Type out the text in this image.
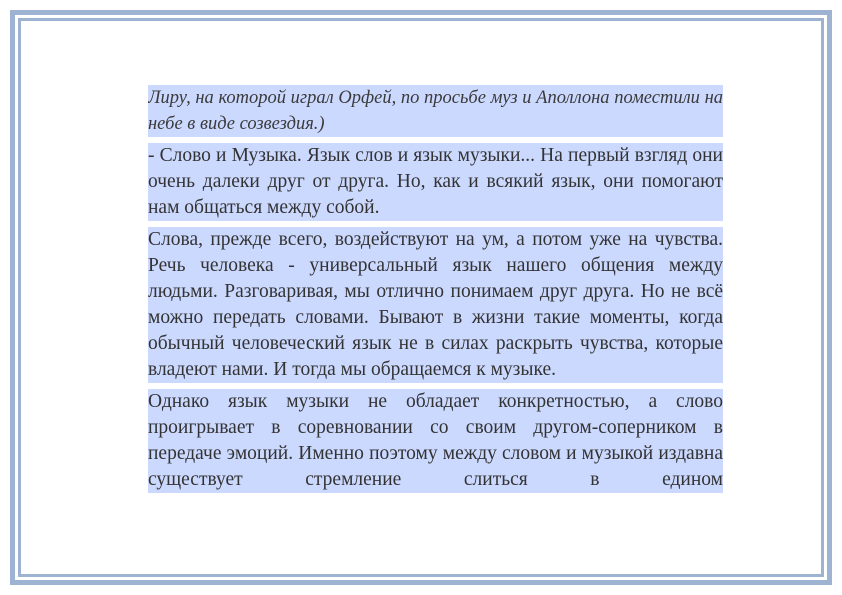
Лиру, на которой играл Орфей, по просьбе муз и Аполлона поместили на небе в виде созвездия.)

- Слово и Музыка. Язык слов и язык музыки... На первый взгляд они очень далеки друг от друга. Но, как и всякий язык, они помогают нам общаться между собой.

Слова, прежде всего, воздействуют на ум, а потом уже на чувства. Речь человека - универсальный язык нашего общения между людьми. Разговаривая, мы отлично понимаем друг друга. Но не всё можно передать словами. Бывают в жизни такие моменты, когда обычный человеческий язык не в силах раскрыть чувства, которые владеют нами. И тогда мы обращаемся к музыке.

Однако язык музыки не обладает конкретностью, а слово проигрывает в соревновании со своим другом-соперником в передаче эмоций. Именно поэтому между словом и музыкой издавна существует стремление слиться в едином
